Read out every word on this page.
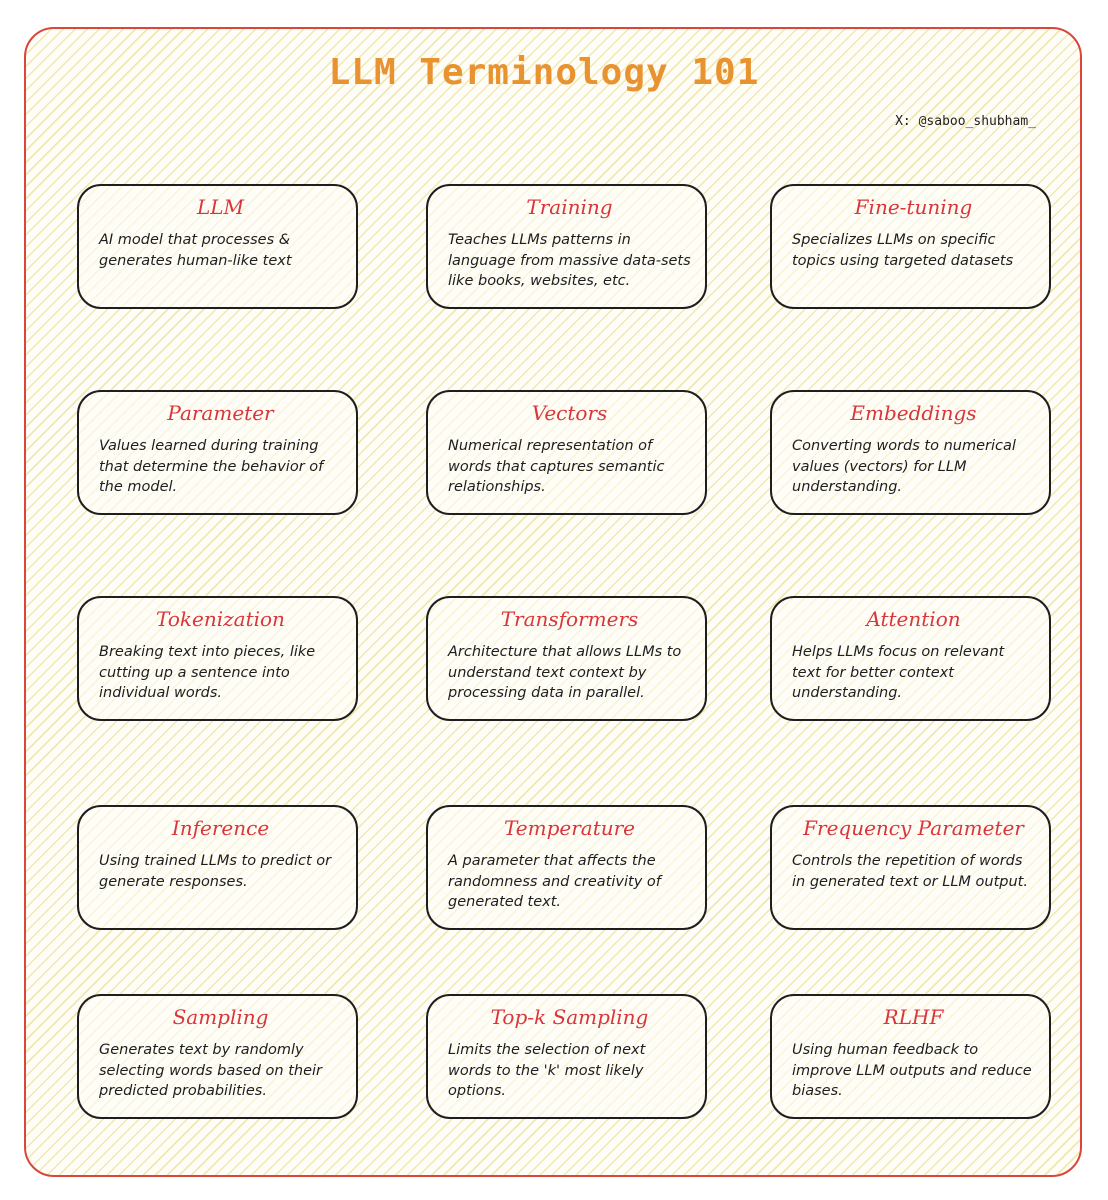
LLM Terminology 101
X: @saboo_shubham_
LLM

AI model that processes & generates human-like text

Training

Teaches LLMs patterns in language from massive data-sets like books, websites, etc.

Fine-tuning

Specializes LLMs on specific topics using targeted datasets

Parameter

Values learned during training that determine the behavior of the model.

Vectors

Numerical representation of words that captures semantic relationships.

Embeddings

Converting words to numerical values (vectors) for LLM understanding.

Tokenization

Breaking text into pieces, like cutting up a sentence into individual words.

Transformers

Architecture that allows LLMs to understand text context by processing data in parallel.

Attention

Helps LLMs focus on relevant text for better context understanding.

Inference

Using trained LLMs to predict or generate responses.

Temperature

A parameter that affects the randomness and creativity of generated text.

Frequency Parameter

Controls the repetition of words in generated text or LLM output.

Sampling

Generates text by randomly selecting words based on their predicted probabilities.

Top-k Sampling

Limits the selection of next words to the 'k' most likely options.

RLHF

Using human feedback to improve LLM outputs and reduce biases.
